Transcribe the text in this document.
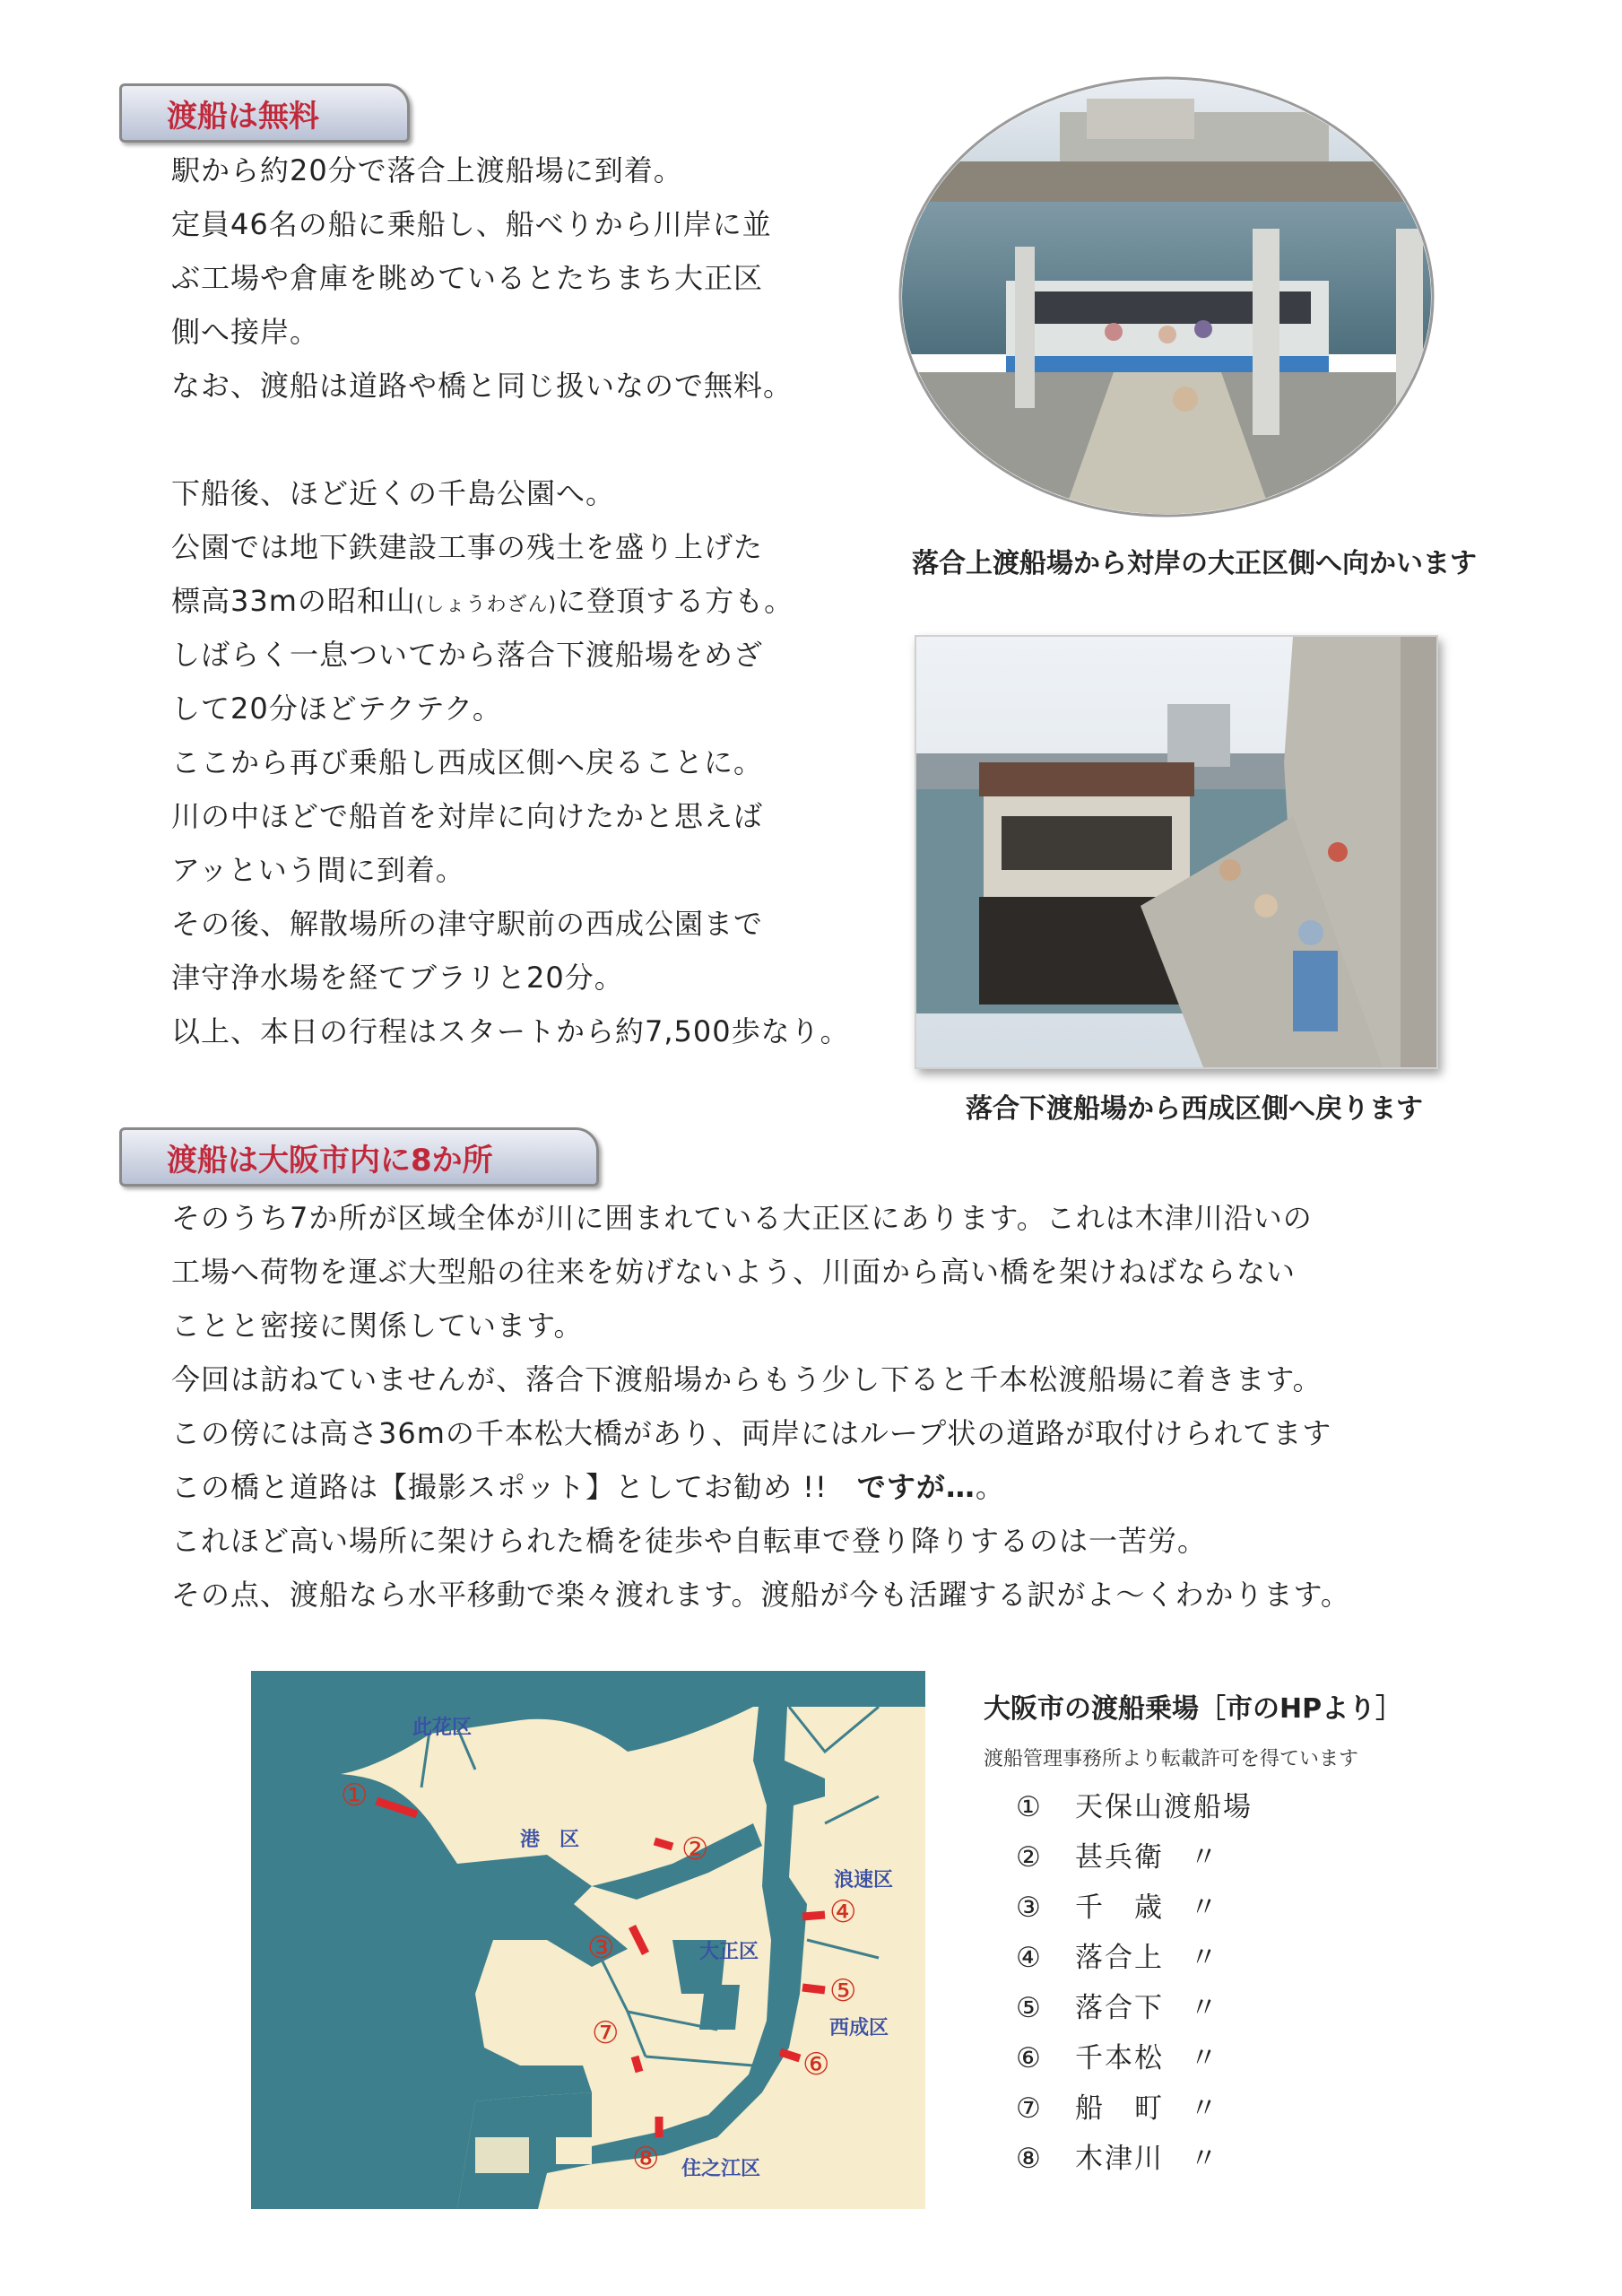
渡船は無料
駅から約20分で落合上渡船場に到着。
定員46名の船に乗船し、船べりから川岸に並
ぶ工場や倉庫を眺めているとたちまち大正区
側へ接岸。
なお、渡船は道路や橋と同じ扱いなので無料。
下船後、ほど近くの千島公園へ。
公園では地下鉄建設工事の残土を盛り上げた
標高33mの昭和山(しょうわざん)に登頂する方も。
しばらく一息ついてから落合下渡船場をめざ
して20分ほどテクテク。
ここから再び乗船し西成区側へ戻ることに。
川の中ほどで船首を対岸に向けたかと思えば
アッという間に到着。
その後、解散場所の津守駅前の西成公園まで
津守浄水場を経てブラリと20分。
以上、本日の行程はスタートから約7,500歩なり。
落合上渡船場から対岸の大正区側へ向かいます
落合下渡船場から西成区側へ戻ります
渡船は大阪市内に8か所
そのうち7か所が区域全体が川に囲まれている大正区にあります。これは木津川沿いの
工場へ荷物を運ぶ大型船の往来を妨げないよう、川面から高い橋を架けねばならない
ことと密接に関係しています。
今回は訪ねていませんが、落合下渡船場からもう少し下ると千本松渡船場に着きます。
この傍には高さ36mの千本松大橋があり、両岸にはループ状の道路が取付けられてます
この橋と道路は【撮影スポット】としてお勧め !!　ですが…。
これほど高い場所に架けられた橋を徒歩や自転車で登り降りするのは一苦労。
その点、渡船なら水平移動で楽々渡れます。渡船が今も活躍する訳がよ～くわかります。
①
②
③
④
⑤
⑥
⑦
⑧
此花区
港　区
浪速区
大正区
西成区
住之江区
大阪市の渡船乗場［市のHPより］
渡船管理事務所より転載許可を得ています
①	天保山渡船場
②	甚兵衛 〃
③	千　歳 〃
④	落合上 〃
⑤	落合下 〃
⑥	千本松 〃
⑦	船　町 〃
⑧	木津川 〃
